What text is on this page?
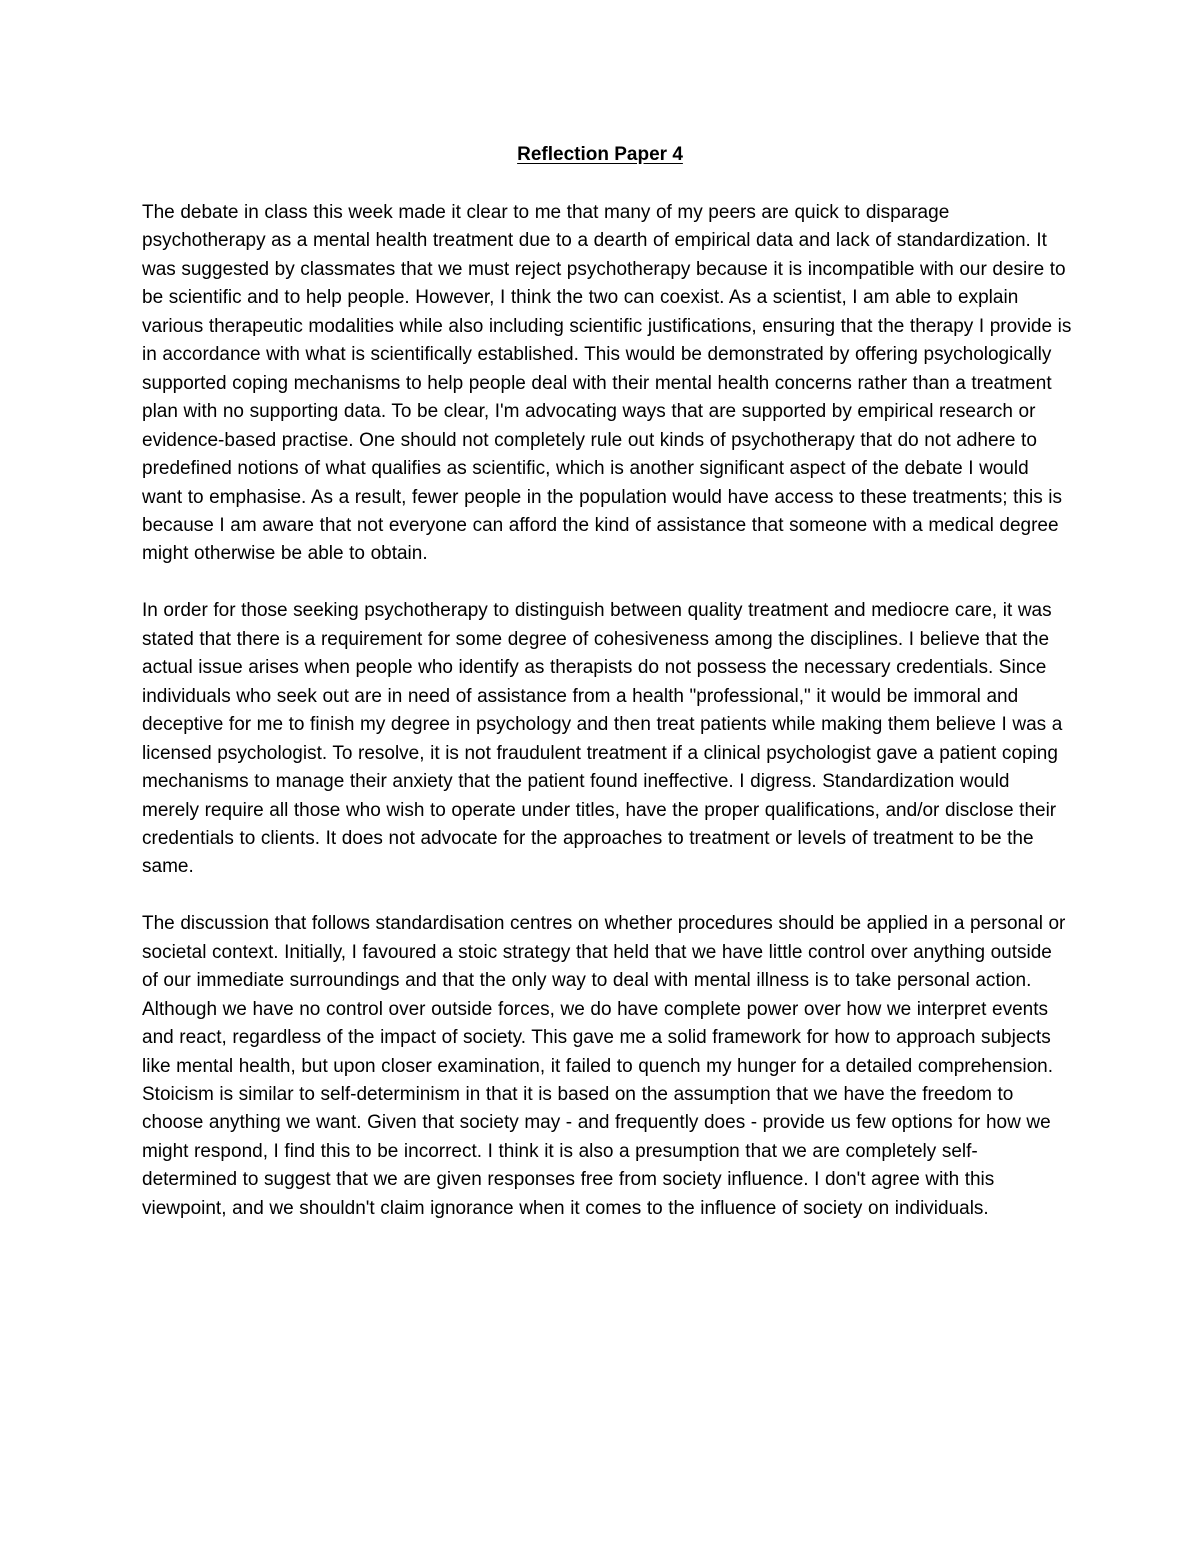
Reflection Paper 4

The debate in class this week made it clear to me that many of my peers are quick to disparage psychotherapy as a mental health treatment due to a dearth of empirical data and lack of standardization. It was suggested by classmates that we must reject psychotherapy because it is incompatible with our desire to be scientific and to help people. However, I think the two can coexist. As a scientist, I am able to explain various therapeutic modalities while also including scientific justifications, ensuring that the therapy I provide is in accordance with what is scientifically established. This would be demonstrated by offering psychologically supported coping mechanisms to help people deal with their mental health concerns rather than a treatment plan with no supporting data. To be clear, I'm advocating ways that are supported by empirical research or evidence-based practise. One should not completely rule out kinds of psychotherapy that do not adhere to predefined notions of what qualifies as scientific, which is another significant aspect of the debate I would want to emphasise. As a result, fewer people in the population would have access to these treatments; this is because I am aware that not everyone can afford the kind of assistance that someone with a medical degree might otherwise be able to obtain.

In order for those seeking psychotherapy to distinguish between quality treatment and mediocre care, it was stated that there is a requirement for some degree of cohesiveness among the disciplines. I believe that the actual issue arises when people who identify as therapists do not possess the necessary credentials. Since individuals who seek out are in need of assistance from a health "professional," it would be immoral and deceptive for me to finish my degree in psychology and then treat patients while making them believe I was a licensed psychologist. To resolve, it is not fraudulent treatment if a clinical psychologist gave a patient coping mechanisms to manage their anxiety that the patient found ineffective. I digress. Standardization would merely require all those who wish to operate under titles, have the proper qualifications, and/or disclose their credentials to clients. It does not advocate for the approaches to treatment or levels of treatment to be the same.

The discussion that follows standardisation centres on whether procedures should be applied in a personal or societal context. Initially, I favoured a stoic strategy that held that we have little control over anything outside of our immediate surroundings and that the only way to deal with mental illness is to take personal action. Although we have no control over outside forces, we do have complete power over how we interpret events and react, regardless of the impact of society. This gave me a solid framework for how to approach subjects like mental health, but upon closer examination, it failed to quench my hunger for a detailed comprehension. Stoicism is similar to self-determinism in that it is based on the assumption that we have the freedom to choose anything we want. Given that society may - and frequently does - provide us few options for how we might respond, I find this to be incorrect. I think it is also a presumption that we are completely self-determined to suggest that we are given responses free from society influence. I don't agree with this viewpoint, and we shouldn't claim ignorance when it comes to the influence of society on individuals.
